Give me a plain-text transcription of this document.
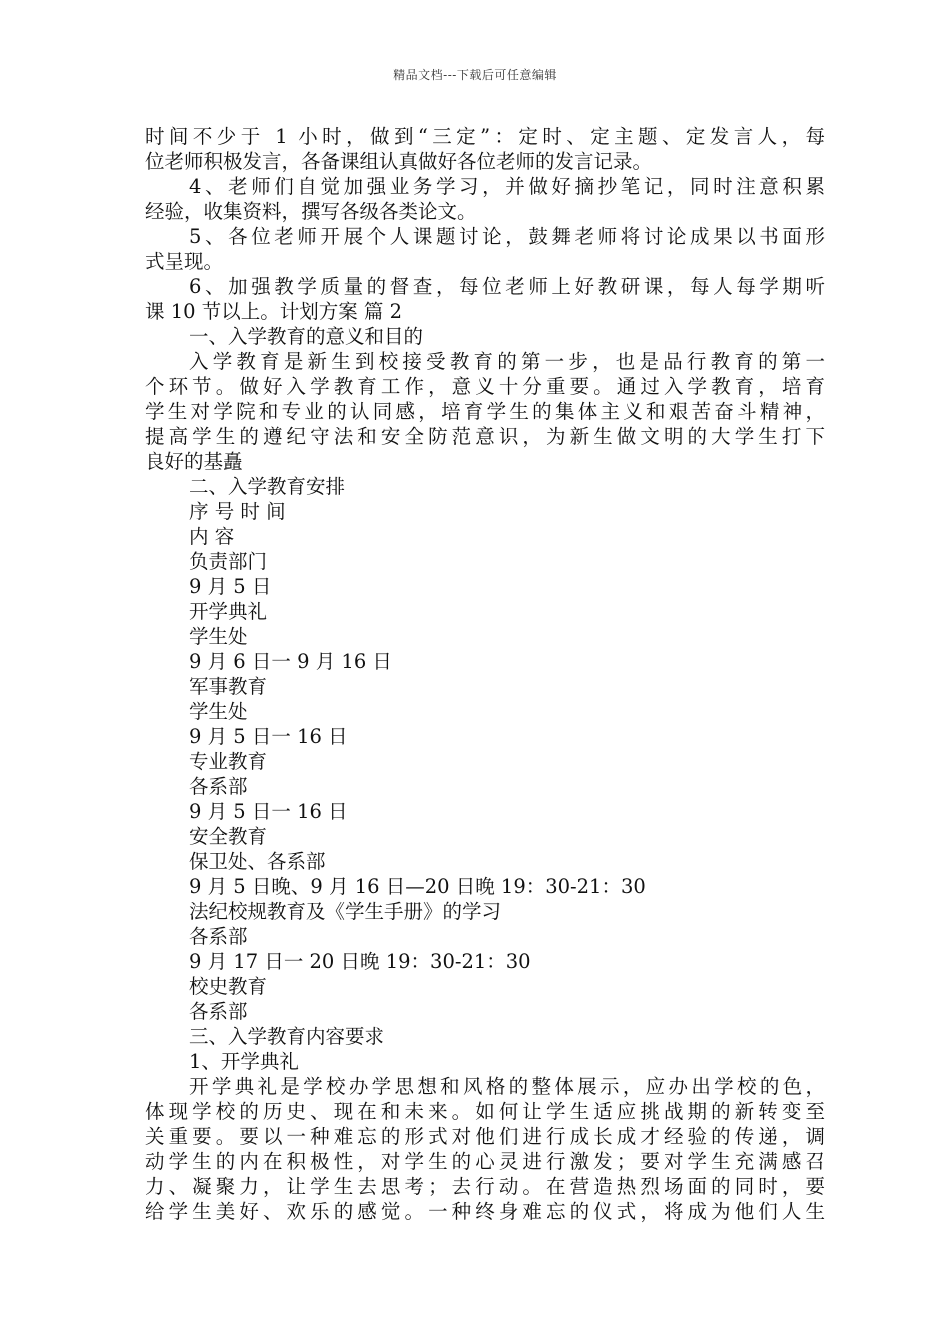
精品文档---下载后可任意编辑
时间不少于 1 小时，做到“三定”：定时、定主题、定发言人，每
位老师积极发言，各备课组认真做好各位老师的发言记录。
4、老师们自觉加强业务学习，并做好摘抄笔记，同时注意积累
经验，收集资料，撰写各级各类论文。
5、各位老师开展个人课题讨论，鼓舞老师将讨论成果以书面形
式呈现。
6、加强教学质量的督查，每位老师上好教研课，每人每学期听
课 10 节以上。计划方案 篇 2
一、入学教育的意义和目的
入学教育是新生到校接受教育的第一步，也是品行教育的第一
个环节。做好入学教育工作，意义十分重要。通过入学教育，培育
学生对学院和专业的认同感，培育学生的集体主义和艰苦奋斗精神，
提高学生的遵纪守法和安全防范意识，为新生做文明的大学生打下
良好的基矗
二、入学教育安排
序 号 时 间
内 容
负责部门
9 月 5 日
开学典礼
学生处
9 月 6 日一 9 月 16 日
军事教育
学生处
9 月 5 日一 16 日
专业教育
各系部
9 月 5 日一 16 日
安全教育
保卫处、各系部
9 月 5 日晚、9 月 16 日—20 日晚 19：30-21：30
法纪校规教育及《学生手册》的学习
各系部
9 月 17 日一 20 日晚 19：30-21：30
校史教育
各系部
三、入学教育内容要求
1、开学典礼
开学典礼是学校办学思想和风格的整体展示，应办出学校的色，
体现学校的历史、现在和未来。如何让学生适应挑战期的新转变至
关重要。要以一种难忘的形式对他们进行成长成才经验的传递，调
动学生的内在积极性，对学生的心灵进行激发；要对学生充满感召
力、凝聚力，让学生去思考；去行动。在营造热烈场面的同时，要
给学生美好、欢乐的感觉。一种终身难忘的仪式，将成为他们人生
